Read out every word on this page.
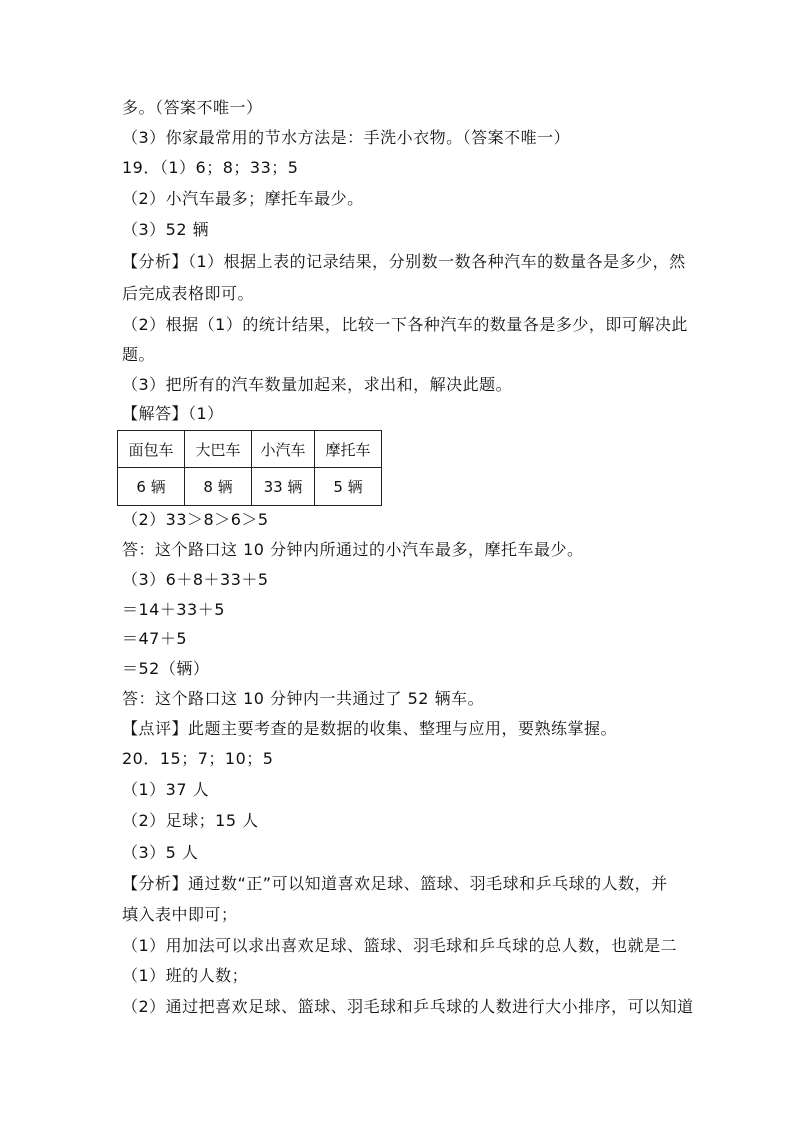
多。（答案不唯一）
（3）你家最常用的节水方法是：手洗小衣物。（答案不唯一）
19．（1）6；8；33；5
（2）小汽车最多；摩托车最少。
（3）52 辆
【分析】（1）根据上表的记录结果，分别数一数各种汽车的数量各是多少，然
后完成表格即可。
（2）根据（1）的统计结果，比较一下各种汽车的数量各是多少，即可解决此
题。
（3）把所有的汽车数量加起来，求出和，解决此题。
【解答】（1）
面包车	大巴车	小汽车	摩托车
6 辆	8 辆	33 辆	5 辆
（2）33＞8＞6＞5
答：这个路口这 10 分钟内所通过的小汽车最多，摩托车最少。
（3）6＋8＋33＋5
＝14＋33＋5
＝47＋5
＝52（辆）
答：这个路口这 10 分钟内一共通过了 52 辆车。
【点评】此题主要考查的是数据的收集、整理与应用，要熟练掌握。
20．15；7；10；5
（1）37 人
（2）足球；15 人
（3）5 人
【分析】通过数“正”可以知道喜欢足球、篮球、羽毛球和乒乓球的人数，并
填入表中即可；
（1）用加法可以求出喜欢足球、篮球、羽毛球和乒乓球的总人数，也就是二
（1）班的人数；
（2）通过把喜欢足球、篮球、羽毛球和乒乓球的人数进行大小排序，可以知道
